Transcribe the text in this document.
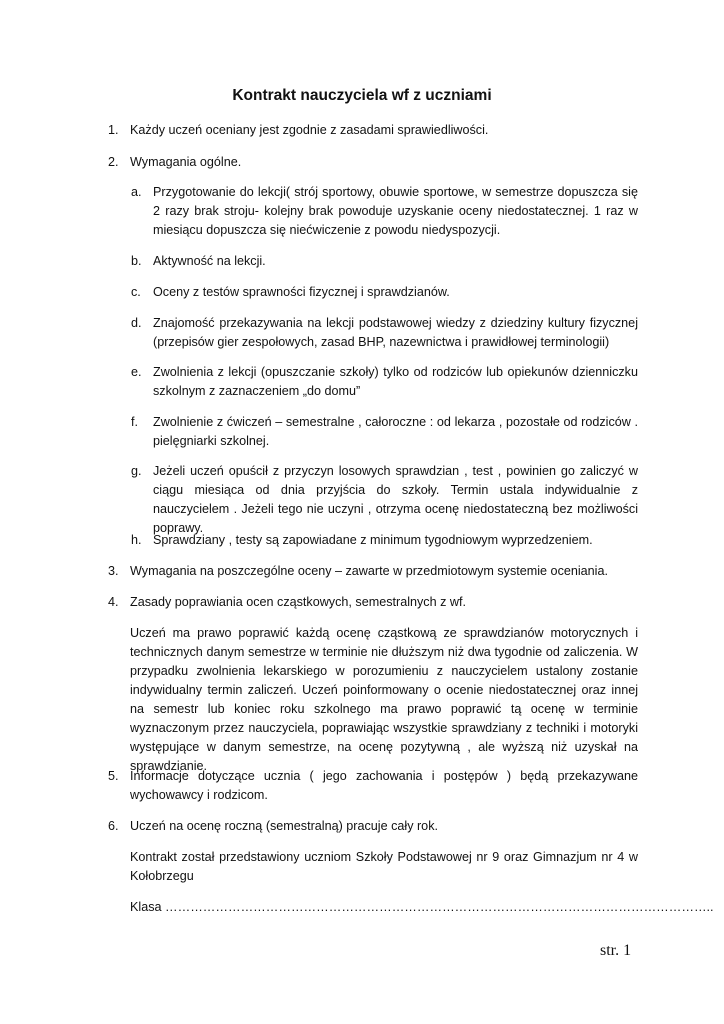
Kontrakt nauczyciela wf z uczniami
1. Każdy uczeń oceniany jest zgodnie z zasadami sprawiedliwości.
2. Wymagania ogólne.
a. Przygotowanie do lekcji( strój sportowy, obuwie sportowe, w semestrze dopuszcza się 2 razy brak stroju- kolejny brak powoduje uzyskanie oceny niedostatecznej. 1 raz w miesiącu dopuszcza się niećwiczenie z powodu niedyspozycji.
b. Aktywność na lekcji.
c. Oceny z testów sprawności fizycznej i sprawdzianów.
d. Znajomość przekazywania na lekcji podstawowej wiedzy z dziedziny kultury fizycznej (przepisów gier zespołowych, zasad BHP, nazewnictwa i prawidłowej terminologii)
e. Zwolnienia z lekcji (opuszczanie szkoły) tylko od rodziców lub opiekunów dzienniczku szkolnym z zaznaczeniem „do domu”
f. Zwolnienie z ćwiczeń – semestralne , całoroczne : od lekarza , pozostałe od rodziców . pielęgniarki szkolnej.
g. Jeżeli uczeń opuścił z przyczyn losowych sprawdzian , test , powinien go zaliczyć w ciągu miesiąca od dnia przyjścia do szkoły. Termin ustala indywidualnie z nauczycielem . Jeżeli tego nie uczyni , otrzyma ocenę niedostateczną bez możliwości poprawy.
h. Sprawdziany , testy są zapowiadane z minimum tygodniowym wyprzedzeniem.
3. Wymagania na poszczególne oceny – zawarte w przedmiotowym systemie oceniania.
4. Zasady poprawiania ocen cząstkowych, semestralnych z wf.
Uczeń ma prawo poprawić każdą ocenę cząstkową ze sprawdzianów motorycznych i technicznych danym semestrze w terminie nie dłuższym niż dwa tygodnie od zaliczenia. W przypadku zwolnienia lekarskiego w porozumieniu z nauczycielem ustalony zostanie indywidualny termin zaliczeń. Uczeń poinformowany o ocenie niedostatecznej oraz innej na semestr lub koniec roku szkolnego ma prawo poprawić tą ocenę w terminie wyznaczonym przez nauczyciela, poprawiając wszystkie sprawdziany z techniki i motoryki występujące w danym semestrze, na ocenę pozytywną , ale wyższą niż uzyskał na sprawdzianie.
5. Informacje dotyczące ucznia ( jego zachowania i postępów ) będą przekazywane wychowawcy i rodzicom.
6. Uczeń na ocenę roczną (semestralną) pracuje cały rok.
Kontrakt został przedstawiony uczniom Szkoły Podstawowej nr 9 oraz Gimnazjum nr 4 w Kołobrzegu
Klasa …………………………………………………………………………………………………………………..
str. 1
